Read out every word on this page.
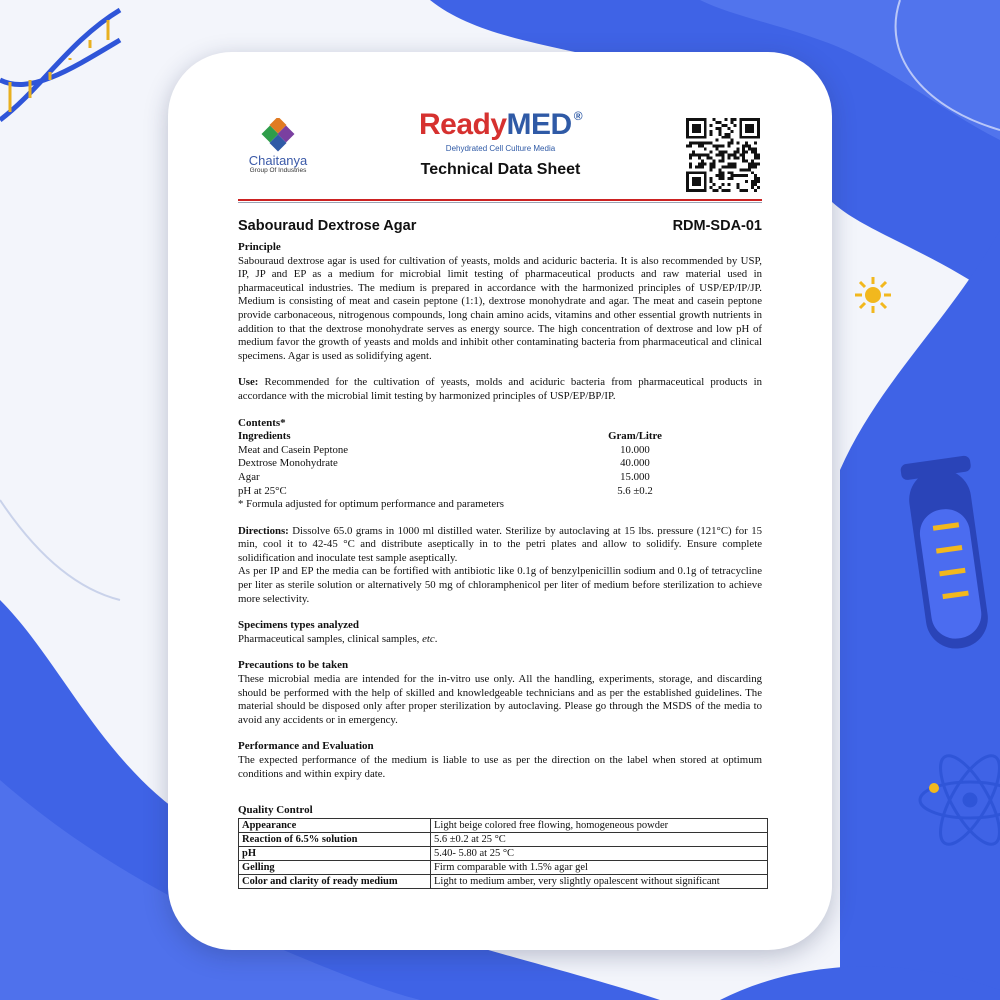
Chaitanya
Group Of Industries
ReadyMED ®
Dehydrated Cell Culture Media
Technical Data Sheet
Sabouraud Dextrose Agar	RDM-SDA-01
Principle
Sabouraud dextrose agar is used for cultivation of yeasts, molds and aciduric bacteria. It is also recommended by USP, IP, JP and EP as a medium for microbial limit testing of pharmaceutical products and raw material used in pharmaceutical industries. The medium is prepared in accordance with the harmonized principles of USP/EP/IP/JP. Medium is consisting of meat and casein peptone (1:1), dextrose monohydrate and agar. The meat and casein peptone provide carbonaceous, nitrogenous compounds, long chain amino acids, vitamins and other essential growth nutrients in addition to that the dextrose monohydrate serves as energy source. The high concentration of dextrose and low pH of medium favor the growth of yeasts and molds and inhibit other contaminating bacteria from pharmaceutical and clinical specimens. Agar is used as solidifying agent.
Use: Recommended for the cultivation of yeasts, molds and aciduric bacteria from pharmaceutical products in accordance with the microbial limit testing by harmonized principles of USP/EP/BP/IP.
Contents*
Ingredients	Gram/Litre
Meat and Casein Peptone	10.000
Dextrose Monohydrate	40.000
Agar	15.000
pH at 25°C	5.6 ±0.2
* Formula adjusted for optimum performance and parameters
Directions: Dissolve 65.0 grams in 1000 ml distilled water. Sterilize by autoclaving at 15 lbs. pressure (121°C) for 15 min, cool it to 42-45 °C and distribute aseptically in to the petri plates and allow to solidify. Ensure complete solidification and inoculate test sample aseptically.
As per IP and EP the media can be fortified with antibiotic like 0.1g of benzylpenicillin sodium and 0.1g of tetracycline per liter as sterile solution or alternatively 50 mg of chloramphenicol per liter of medium before sterilization to achieve more selectivity.
Specimens types analyzed
Pharmaceutical samples, clinical samples, etc.
Precautions to be taken
These microbial media are intended for the in-vitro use only. All the handling, experiments, storage, and discarding should be performed with the help of skilled and knowledgeable technicians and as per the established guidelines. The material should be disposed only after proper sterilization by autoclaving. Please go through the MSDS of the media to avoid any accidents or in emergency.
Performance and Evaluation
The expected performance of the medium is liable to use as per the direction on the label when stored at optimum conditions and within expiry date.
Quality Control
Appearance	Light beige colored free flowing, homogeneous powder
Reaction of 6.5% solution	5.6 ±0.2 at 25 °C
pH	5.40- 5.80 at 25 °C
Gelling	Firm comparable with 1.5% agar gel
Color and clarity of ready medium	Light to medium amber, very slightly opalescent without significant
